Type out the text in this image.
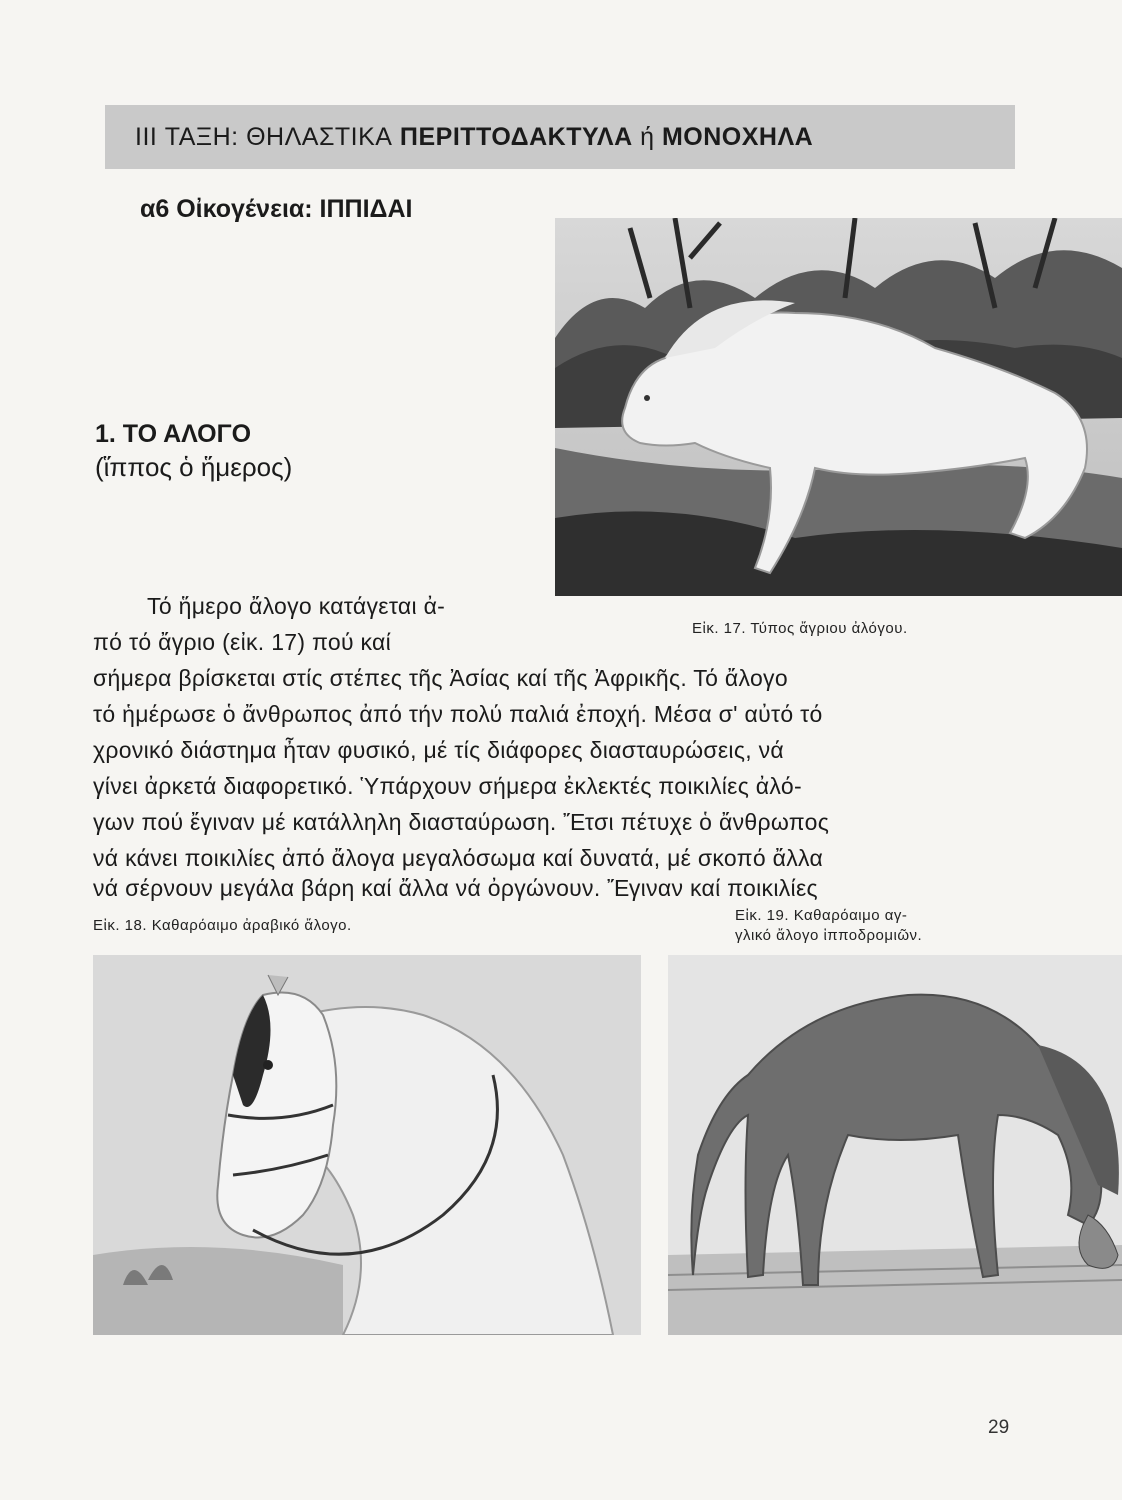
III ΤΑΞΗ: ΘΗΛΑΣΤΙΚΑ
ΠΕΡΙΤΤΟΔΑΚΤΥΛΑ
ή
ΜΟΝΟΧΗΛΑ
α6 Οἰκογένεια: ΙΠΠΙΔΑΙ
1. ΤΟ ΑΛΟΓΟ
(ἵππος ὁ ἥμερος)
Εἰκ. 17. Τύπος ἄγριου ἀλόγου.
Τό ἥμερο ἄλογο κατάγεται ἀ-
πό τό ἄγριο (εἰκ. 17) πού καί
σήμερα βρίσκεται στίς στέπες τῆς Ἀσίας καί τῆς Ἀφρικῆς. Τό ἄλογο
τό ἡμέρωσε ὁ ἄνθρωπος ἀπό τήν πολύ παλιά ἐποχή. Μέσα σ' αὐτό τό
χρονικό διάστημα ἦταν φυσικό, μέ τίς διάφορες διασταυρώσεις, νά
γίνει ἀρκετά διαφορετικό. Ὑπάρχουν σήμερα ἐκλεκτές ποικιλίες ἀλό-
γων πού ἔγιναν μέ κατάλληλη διασταύρωση. Ἔτσι πέτυχε ὁ ἄνθρωπος
νά κάνει ποικιλίες ἀπό ἄλογα μεγαλόσωμα καί δυνατά, μέ σκοπό ἄλλα
νά σέρνουν μεγάλα βάρη καί ἄλλα νά ὀργώνουν. Ἔγιναν καί ποικιλίες
Εἰκ. 18. Καθαρόαιμο ἀραβικό ἄλογο.
Εἰκ. 19. Καθαρόαιμο αγ-
γλικό ἄλογο ἱπποδρομιῶν.
29
